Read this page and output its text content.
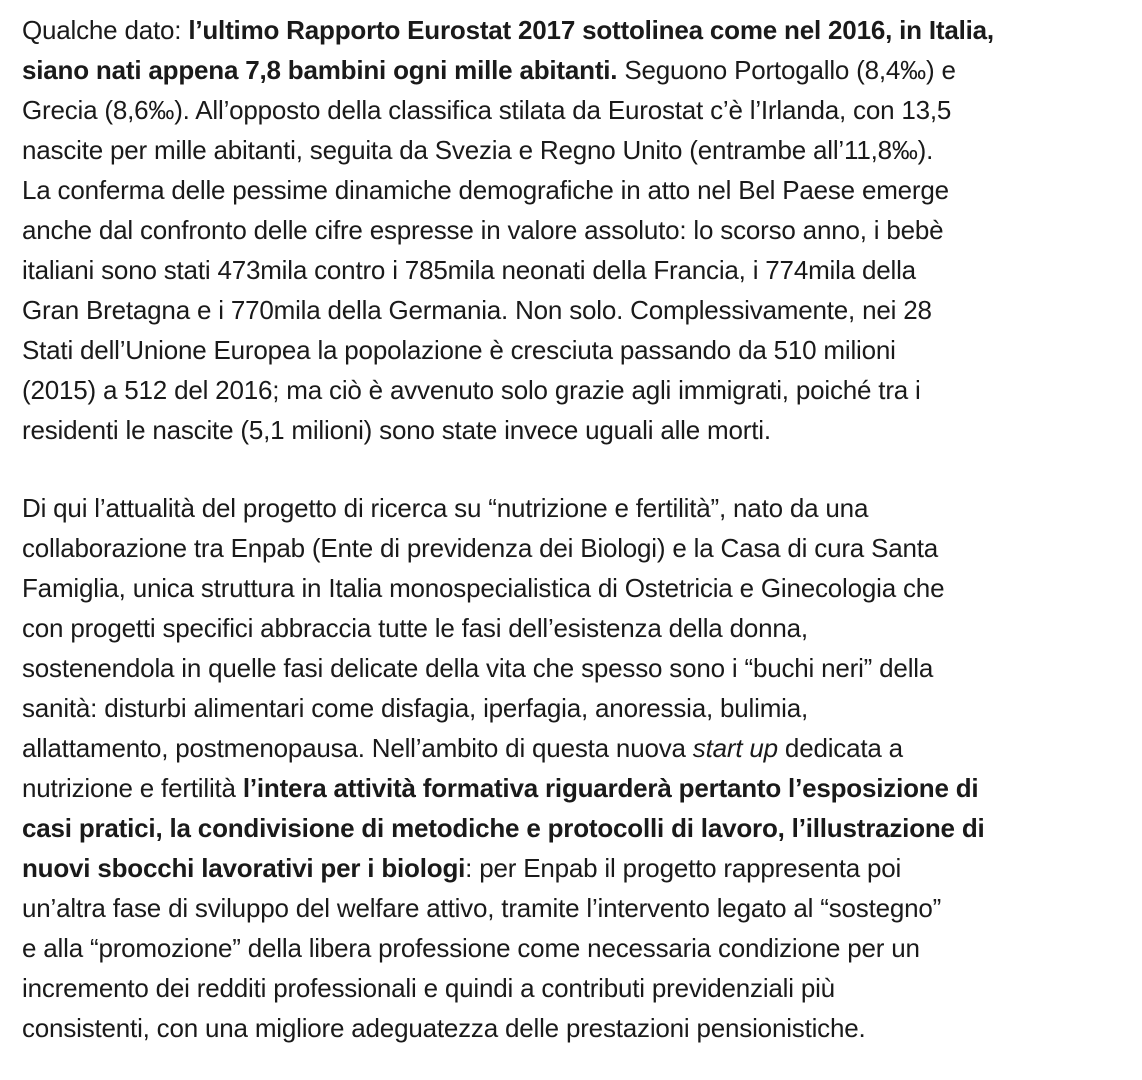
Qualche dato: l’ultimo Rapporto Eurostat 2017 sottolinea come nel 2016, in Italia,
siano nati appena 7,8 bambini ogni mille abitanti. Seguono Portogallo (8,4‰) e
Grecia (8,6‰). All’opposto della classifica stilata da Eurostat c’è l’Irlanda, con 13,5
nascite per mille abitanti, seguita da Svezia e Regno Unito (entrambe all’11,8‰).
La conferma delle pessime dinamiche demografiche in atto nel Bel Paese emerge
anche dal confronto delle cifre espresse in valore assoluto: lo scorso anno, i bebè
italiani sono stati 473mila contro i 785mila neonati della Francia, i 774mila della
Gran Bretagna e i 770mila della Germania. Non solo. Complessivamente, nei 28
Stati dell’Unione Europea la popolazione è cresciuta passando da 510 milioni
(2015) a 512 del 2016; ma ciò è avvenuto solo grazie agli immigrati, poiché tra i
residenti le nascite (5,1 milioni) sono state invece uguali alle morti.
Di qui l’attualità del progetto di ricerca su “nutrizione e fertilità”, nato da una
collaborazione tra Enpab (Ente di previdenza dei Biologi) e la Casa di cura Santa
Famiglia, unica struttura in Italia monospecialistica di Ostetricia e Ginecologia che
con progetti specifici abbraccia tutte le fasi dell’esistenza della donna,
sostenendola in quelle fasi delicate della vita che spesso sono i “buchi neri” della
sanità: disturbi alimentari come disfagia, iperfagia, anoressia, bulimia,
allattamento, postmenopausa. Nell’ambito di questa nuova start up dedicata a
nutrizione e fertilità l’intera attività formativa riguarderà pertanto l’esposizione di
casi pratici, la condivisione di metodiche e protocolli di lavoro, l’illustrazione di
nuovi sbocchi lavorativi per i biologi: per Enpab il progetto rappresenta poi
un’altra fase di sviluppo del welfare attivo, tramite l’intervento legato al “sostegno”
e alla “promozione” della libera professione come necessaria condizione per un
incremento dei redditi professionali e quindi a contributi previdenziali più
consistenti, con una migliore adeguatezza delle prestazioni pensionistiche.
